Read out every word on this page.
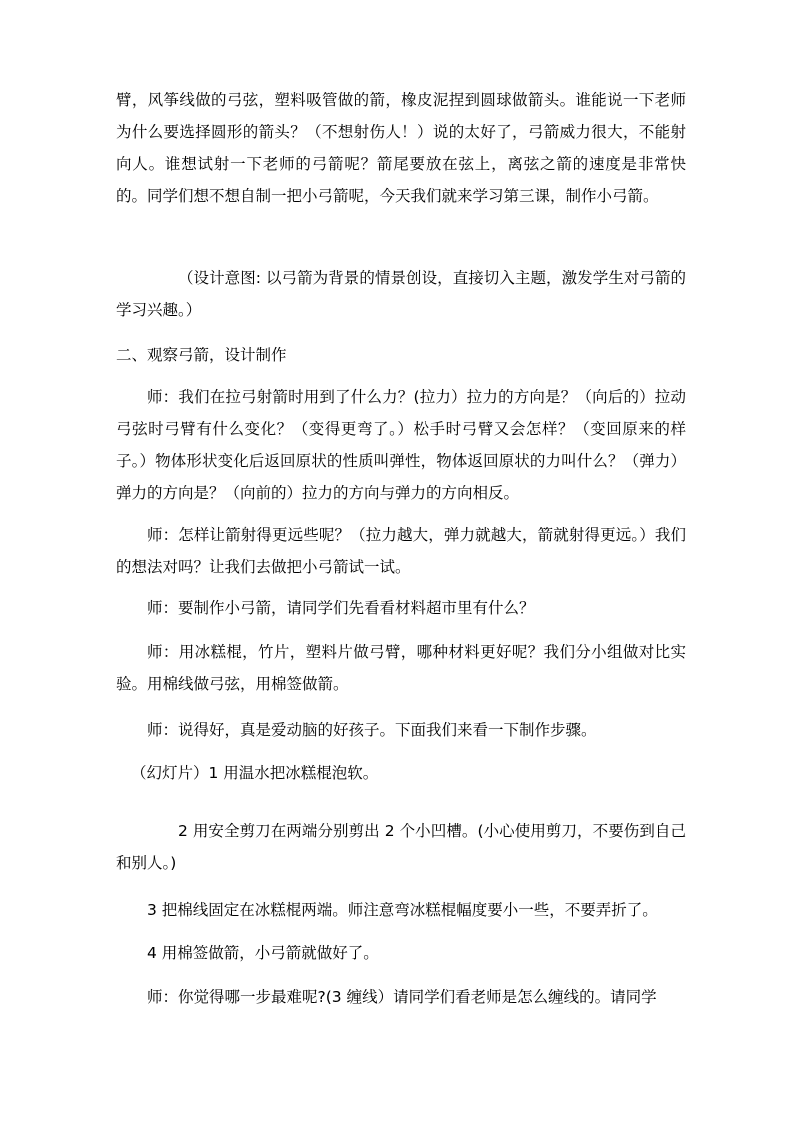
臂，风筝线做的弓弦，塑料吸管做的箭，橡皮泥捏到圆球做箭头。谁能说一下老师为什么要选择圆形的箭头？（不想射伤人！）说的太好了，弓箭威力很大，不能射向人。谁想试射一下老师的弓箭呢？箭尾要放在弦上，离弦之箭的速度是非常快的。同学们想不想自制一把小弓箭呢，今天我们就来学习第三课，制作小弓箭。

（设计意图: 以弓箭为背景的情景创设，直接切入主题，激发学生对弓箭的学习兴趣。）

二、观察弓箭，设计制作

师：我们在拉弓射箭时用到了什么力？(拉力）拉力的方向是？（向后的）拉动弓弦时弓臂有什么变化？（变得更弯了。）松手时弓臂又会怎样？（变回原来的样子。）物体形状变化后返回原状的性质叫弹性，物体返回原状的力叫什么？（弹力）弹力的方向是？（向前的）拉力的方向与弹力的方向相反。

师：怎样让箭射得更远些呢？（拉力越大，弹力就越大，箭就射得更远。）我们的想法对吗？让我们去做把小弓箭试一试。

师：要制作小弓箭，请同学们先看看材料超市里有什么？

师：用冰糕棍，竹片，塑料片做弓臂，哪种材料更好呢？我们分小组做对比实验。用棉线做弓弦，用棉签做箭。

师：说得好，真是爱动脑的好孩子。下面我们来看一下制作步骤。

（幻灯片）1 用温水把冰糕棍泡软。

2 用安全剪刀在两端分别剪出 2 个小凹槽。(小心使用剪刀，不要伤到自己和别人。)

3 把棉线固定在冰糕棍两端。师注意弯冰糕棍幅度要小一些，不要弄折了。

4 用棉签做箭，小弓箭就做好了。

师：你觉得哪一步最难呢?(3 缠线）请同学们看老师是怎么缠线的。请同学
